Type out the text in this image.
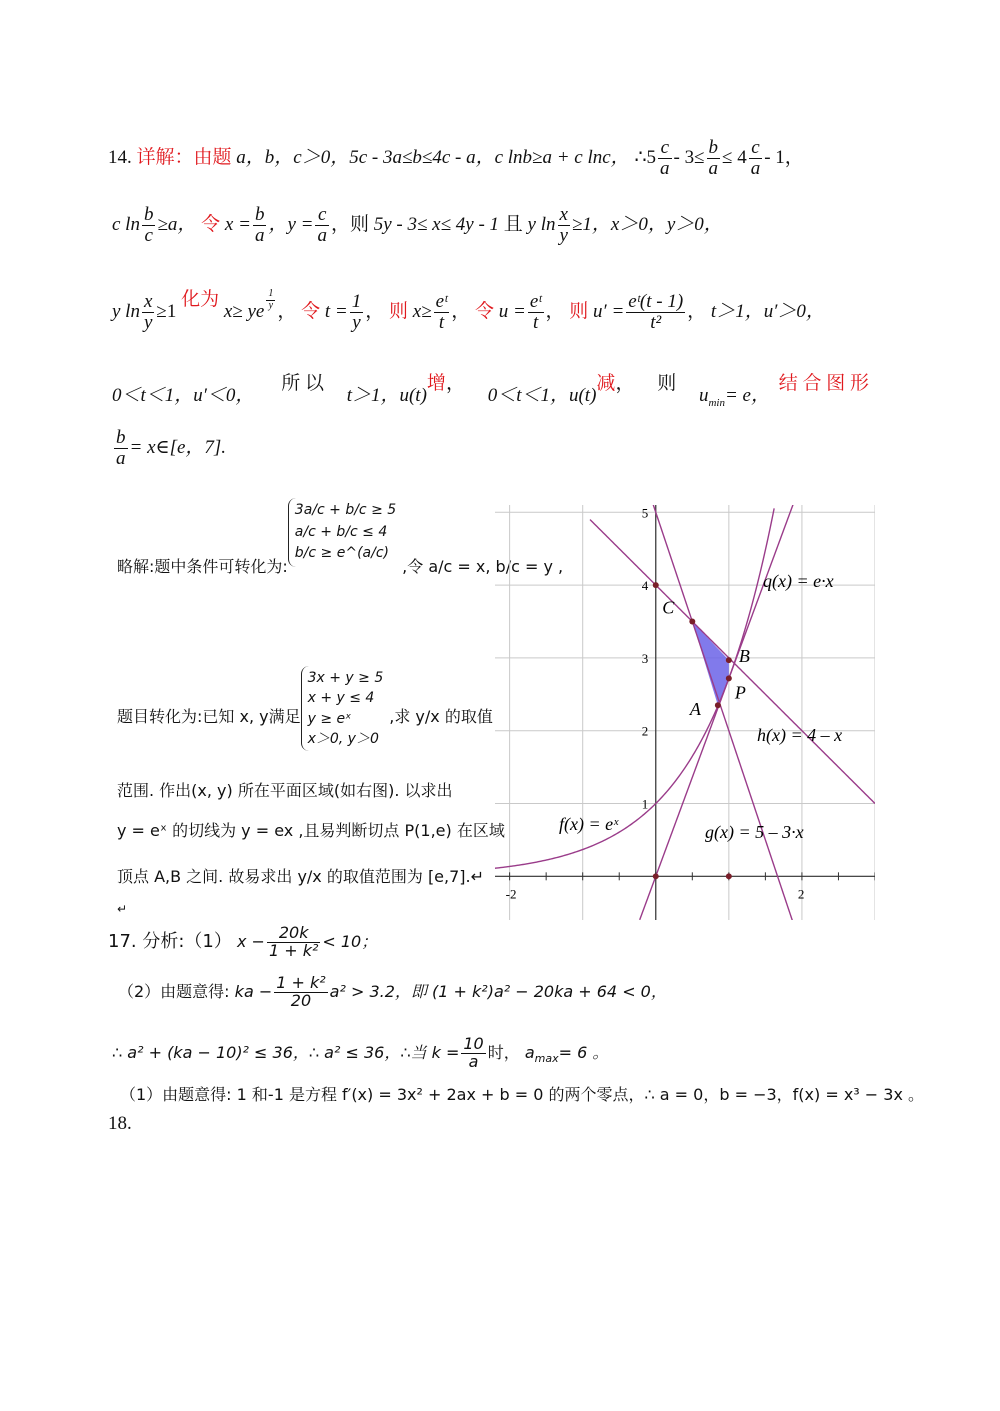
14. 详解：由题 a，b，c＞0，5c - 3a≤b≤4c - a，c lnb≥a + c lnc， ∴5 $\frac{c}{a} - 3\le \frac{b}{a} \le 4 \frac{c}{a} - 1$，
c $\ln \frac{b}{c} \ge a$， 令 $x = \frac{b}{a}$ ，$y = \frac{c}{a}$ ，则 5y - 3≤ x≤ 4y - 1 且 y $\ln \frac{x}{y} \ge 1$，x＞0，y＞0，
y $\ln \frac{x}{y} \ge 1$ 化为 x≥ ye $\frac{1}{y}$ ， 令 $t = \frac{1}{y}$ ， 则 $x\ge \frac{\text{eᵗ}}{t}$ ， 令 $u = \frac{\text{eᵗ}}{t}$ ， 则 $u' = \frac{\text{eᵗ(t - 1)}}{\text{t²}}$ ， t＞1，u′＞0，
0＜t＜1，u′＜0， 所 以 t＞1，u(t)增， 0＜t＜1，u(t)减， 则 $u_{min}= e$， 结 合 图 形
$\frac{b}{a}$ = x∈[e，7].
略解:题中条件可转化为:
3a/c + b/c ≥ 5
a/c + b/c ≤ 4
b/c ≥ e^(a/c)
,令 a/c = x, b/c = y ,
题目转化为:已知 x, y满足
3x + y ≥ 5
x + y ≤ 4
y ≥ eˣ
x＞0, y＞0
,求 y/x 的取值
范围. 作出(x, y) 所在平面区域(如右图). 以求出
y = eˣ 的切线为 y = ex ,且易判断切点 P(1,e) 在区域
顶点 A,B 之间. 故易求出 y/x 的取值范围为 [e,7].↵
↵
-2	2
1
2
3
4
5
C
B
P
A
q(x) = e·x
h(x) = 4 – x
f(x) = eˣ	g(x) = 5 – 3·x
17. 分析:（1） $x - \frac{20k}{\text{1 + k²}} < 10$；
（2）由题意得: ka − $\frac{\text{1 + k²}}{20} a^2 > 3.2$，即 (1 + k²)a² − 20ka + 64 < 0，
∴ a² + (ka − 10)² ≤ 36，∴ a² ≤ 36，∴当 $k = \frac{10}{a}$ 时， $a_{max}= 6$ 。
（1）由题意得: 1 和-1 是方程 f′(x) = 3x² + 2ax + b = 0 的两个零点，∴ a = 0，b = −3，f(x) = x³ − 3x 。
18.
